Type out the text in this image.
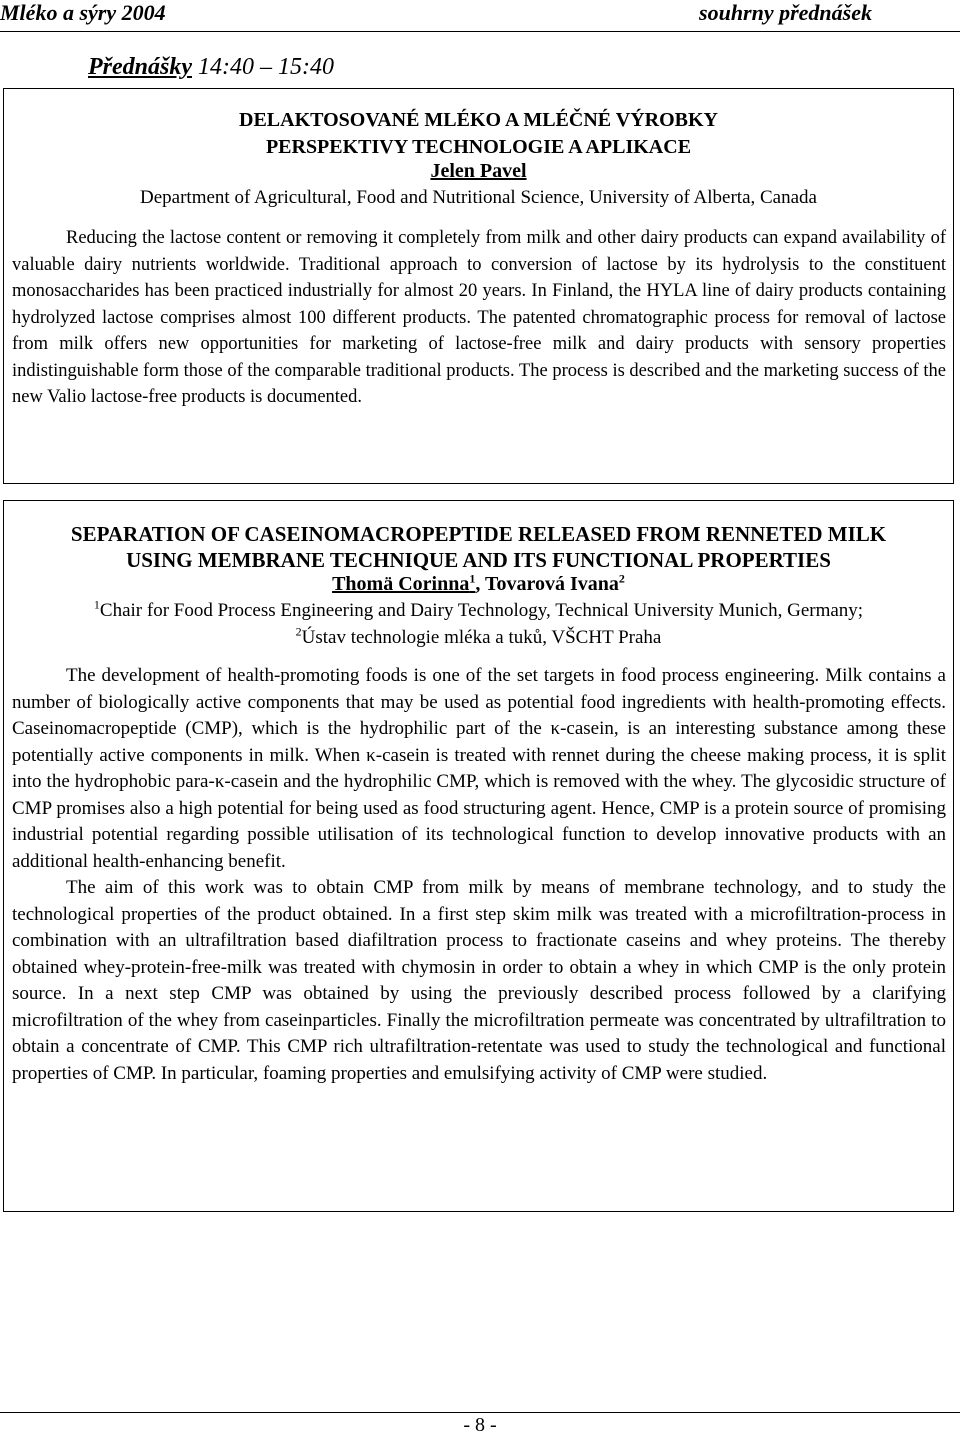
Mléko a sýry 2004	souhrny přednášek
Přednášky 14:40 – 15:40
DELAKTOSOVANÉ MLÉKO A MLÉČNÉ VÝROBKY
PERSPEKTIVY TECHNOLOGIE A APLIKACE
Jelen Pavel
Department of Agricultural, Food and Nutritional Science, University of Alberta, Canada

Reducing the lactose content or removing it completely from milk and other dairy products can expand availability of valuable dairy nutrients worldwide. Traditional approach to conversion of lactose by its hydrolysis to the constituent monosaccharides has been practiced industrially for almost 20 years. In Finland, the HYLA line of dairy products containing hydrolyzed lactose comprises almost 100 different products. The patented chromatographic process for removal of lactose from milk offers new opportunities for marketing of lactose-free milk and dairy products with sensory properties indistinguishable form those of the comparable traditional products. The process is described and the marketing success of the new Valio lactose-free products is documented.

SEPARATION OF CASEINOMACROPEPTIDE RELEASED FROM RENNETED MILK
USING MEMBRANE TECHNIQUE AND ITS FUNCTIONAL PROPERTIES
Thomä Corinna$^1$, Tovarová Ivana$^2$
$^1$Chair for Food Process Engineering and Dairy Technology, Technical University Munich, Germany;
$^2$Ústav technologie mléka a tuků, VŠCHT Praha

The development of health-promoting foods is one of the set targets in food process engineering. Milk contains a number of biologically active components that may be used as potential food ingredients with health-promoting effects. Caseinomacropeptide (CMP), which is the hydrophilic part of the κ-casein, is an interesting substance among these potentially active components in milk. When κ-casein is treated with rennet during the cheese making process, it is split into the hydrophobic para-κ-casein and the hydrophilic CMP, which is removed with the whey. The glycosidic structure of CMP promises also a high potential for being used as food structuring agent. Hence, CMP is a protein source of promising industrial potential regarding possible utilisation of its technological function to develop innovative products with an additional health-enhancing benefit.

The aim of this work was to obtain CMP from milk by means of membrane technology, and to study the technological properties of the product obtained. In a first step skim milk was treated with a microfiltration-process in combination with an ultrafiltration based diafiltration process to fractionate caseins and whey proteins. The thereby obtained whey-protein-free-milk was treated with chymosin in order to obtain a whey in which CMP is the only protein source. In a next step CMP was obtained by using the previously described process followed by a clarifying microfiltration of the whey from caseinparticles. Finally the microfiltration permeate was concentrated by ultrafiltration to obtain a concentrate of CMP. This CMP rich ultrafiltration-retentate was used to study the technological and functional properties of CMP. In particular, foaming properties and emulsifying activity of CMP were studied.

- 8 -
